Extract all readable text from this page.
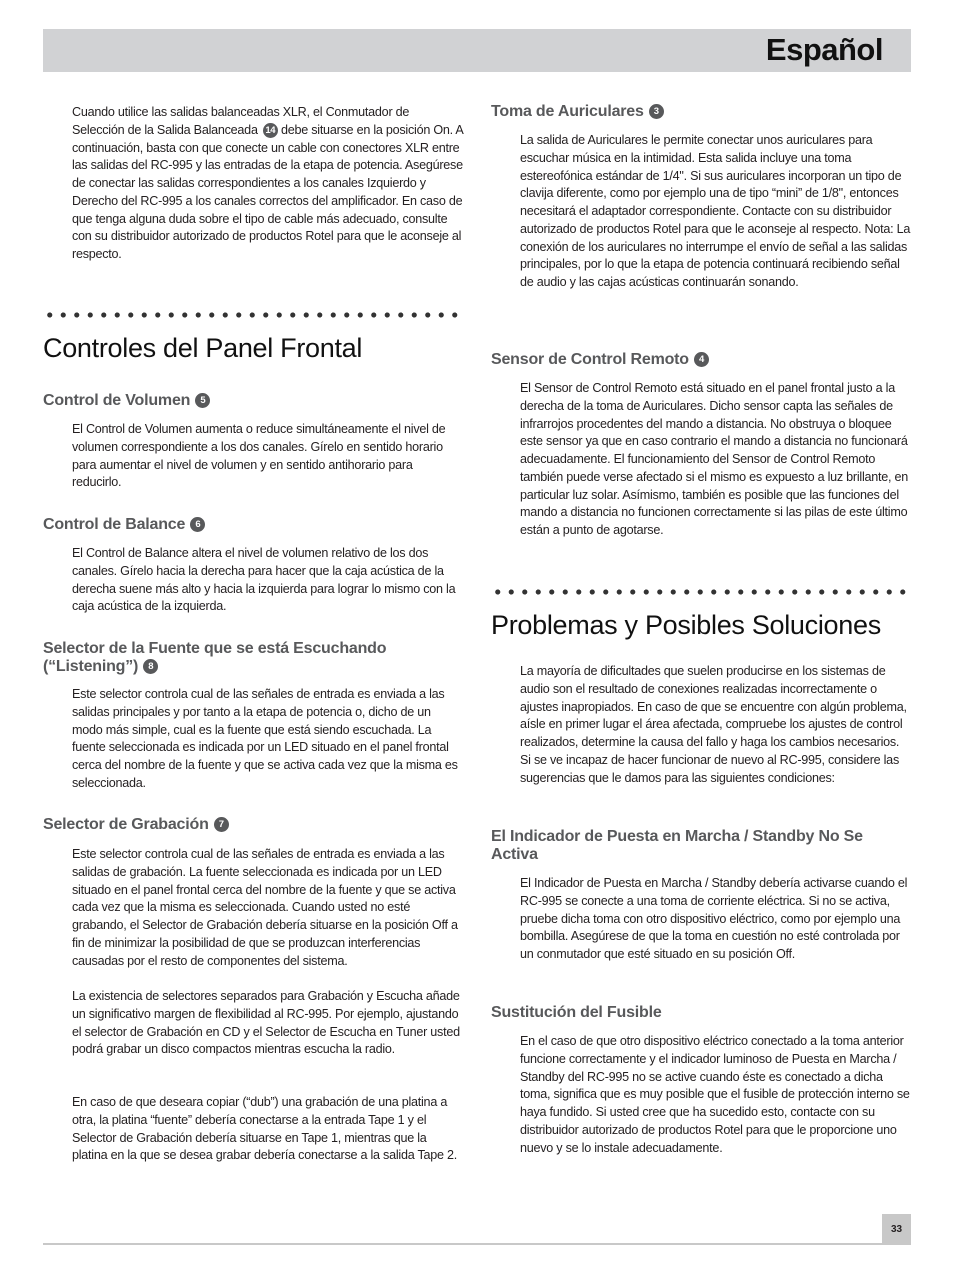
Español

Cuando utilice las salidas balanceadas XLR, el Conmutador de Selección de la Salida Balanceada 14 debe situarse en la posición On. A continuación, basta con que conecte un cable con conectores XLR entre las salidas del RC-995 y las entradas de la etapa de potencia. Asegúrese de conectar las salidas correspondientes a los canales Izquierdo y Derecho del RC-995 a los canales correctos del amplificador. En caso de que tenga alguna duda sobre el tipo de cable más adecuado, consulte con su distribuidor autorizado de productos Rotel para que le aconseje al respecto.

Controles del Panel Frontal
Control de Volumen 5

El Control de Volumen aumenta o reduce simultáneamente el nivel de volumen correspondiente a los dos canales. Gírelo en sentido horario para aumentar el nivel de volumen y en sentido antihorario para reducirlo.

Control de Balance 6

El Control de Balance altera el nivel de volumen relativo de los dos canales. Gírelo hacia la derecha para hacer que la caja acústica de la derecha suene más alto y hacia la izquierda para lograr lo mismo con la caja acústica de la izquierda.

Selector de la Fuente que se está Escuchando (“Listening”) 8

Este selector controla cual de las señales de entrada es enviada a las salidas principales y por tanto a la etapa de potencia o, dicho de un modo más simple, cual es la fuente que está siendo escuchada. La fuente seleccionada es indicada por un LED situado en el panel frontal cerca del nombre de la fuente y que se activa cada vez que la misma es seleccionada.

Selector de Grabación 7

Este selector controla cual de las señales de entrada es enviada a las salidas de grabación. La fuente seleccionada es indicada por un LED situado en el panel frontal cerca del nombre de la fuente y que se activa cada vez que la misma es seleccionada. Cuando usted no esté grabando, el Selector de Grabación debería situarse en la posición Off a fin de minimizar la posibilidad de que se produzcan interferencias causadas por el resto de componentes del sistema.

La existencia de selectores separados para Grabación y Escucha añade un significativo margen de flexibilidad al RC-995. Por ejemplo, ajustando el selector de Grabación en CD y el Selector de Escucha en Tuner usted podrá grabar un disco compactos mientras escucha la radio.

En caso de que deseara copiar (“dub”) una grabación de una platina a otra, la platina “fuente” debería conectarse a la entrada Tape 1 y el Selector de Grabación debería situarse en Tape 1, mientras que la platina en la que se desea grabar debería conectarse a la salida Tape 2.

Toma de Auriculares 3

La salida de Auriculares le permite conectar unos auriculares para escuchar música en la intimidad. Esta salida incluye una toma estereofónica estándar de 1/4". Si sus auriculares incorporan un tipo de clavija diferente, como por ejemplo una de tipo “mini” de 1/8", entonces necesitará el adaptador correspondiente. Contacte con su distribuidor autorizado de productos Rotel para que le aconseje al respecto. Nota: La conexión de los auriculares no interrumpe el envío de señal a las salidas principales, por lo que la etapa de potencia continuará recibiendo señal de audio y las cajas acústicas continuarán sonando.

Sensor de Control Remoto 4

El Sensor de Control Remoto está situado en el panel frontal justo a la derecha de la toma de Auriculares. Dicho sensor capta las señales de infrarrojos procedentes del mando a distancia. No obstruya o bloquee este sensor ya que en caso contrario el mando a distancia no funcionará adecuadamente. El funcionamiento del Sensor de Control Remoto también puede verse afectado si el mismo es expuesto a luz brillante, en particular luz solar. Asímismo, también es posible que las funciones del mando a distancia no funcionen correctamente si las pilas de este último están a punto de agotarse.

Problemas y Posibles Soluciones

La mayoría de dificultades que suelen producirse en los sistemas de audio son el resultado de conexiones realizadas incorrectamente o ajustes inapropiados. En caso de que se encuentre con algún problema, aísle en primer lugar el área afectada, compruebe los ajustes de control realizados, determine la causa del fallo y haga los cambios necesarios. Si se ve incapaz de hacer funcionar de nuevo al RC-995, considere las sugerencias que le damos para las siguientes condiciones:

El Indicador de Puesta en Marcha / Standby No Se Activa

El Indicador de Puesta en Marcha / Standby debería activarse cuando el RC-995 se conecte a una toma de corriente eléctrica. Si no se activa, pruebe dicha toma con otro dispositivo eléctrico, como por ejemplo una bombilla. Asegúrese de que la toma en cuestión no esté controlada por un conmutador que esté situado en su posición Off.

Sustitución del Fusible

En el caso de que otro dispositivo eléctrico conectado a la toma anterior funcione correctamente y el indicador luminoso de Puesta en Marcha / Standby del RC-995 no se active cuando éste es conectado a dicha toma, significa que es muy posible que el fusible de protección interno se haya fundido. Si usted cree que ha sucedido esto, contacte con su distribuidor autorizado de productos Rotel para que le proporcione uno nuevo y se lo instale adecuadamente.

33
